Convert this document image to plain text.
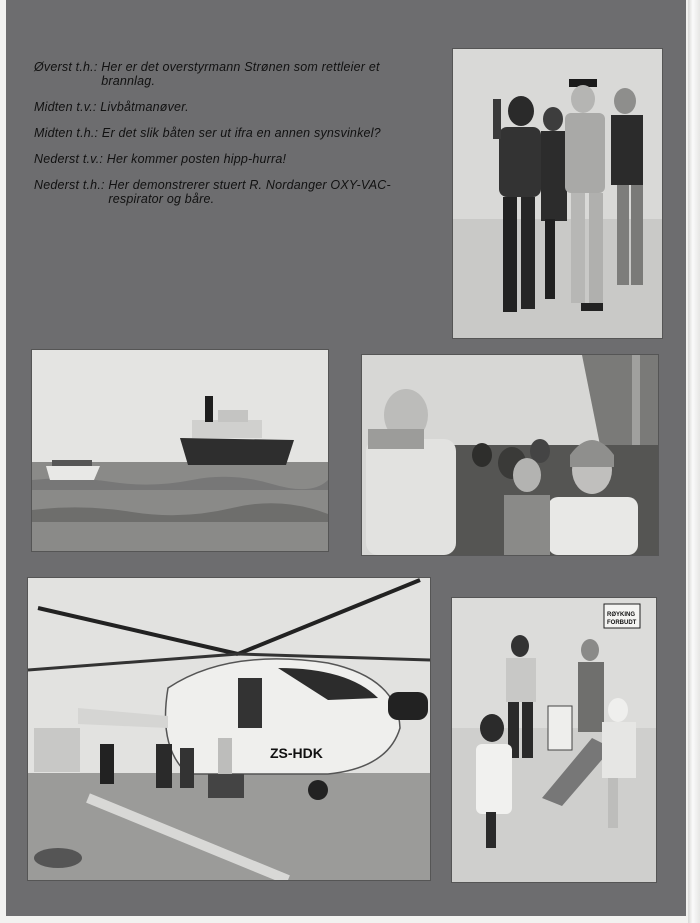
Øverst t.h.: Her er det overstyrmann Strønen som rettleier et brannlag.
Midten t.v.: Livbåtmanøver.
Midten t.h.: Er det slik båten ser ut ifra en annen synsvinkel?
Nederst t.v.: Her kommer posten hipp-hurra!
Nederst t.h.: Her demonstrerer stuert R. Nordanger OXY-VAC-respirator og båre.
ZS-HDK
RØYKING
FORBUDT
